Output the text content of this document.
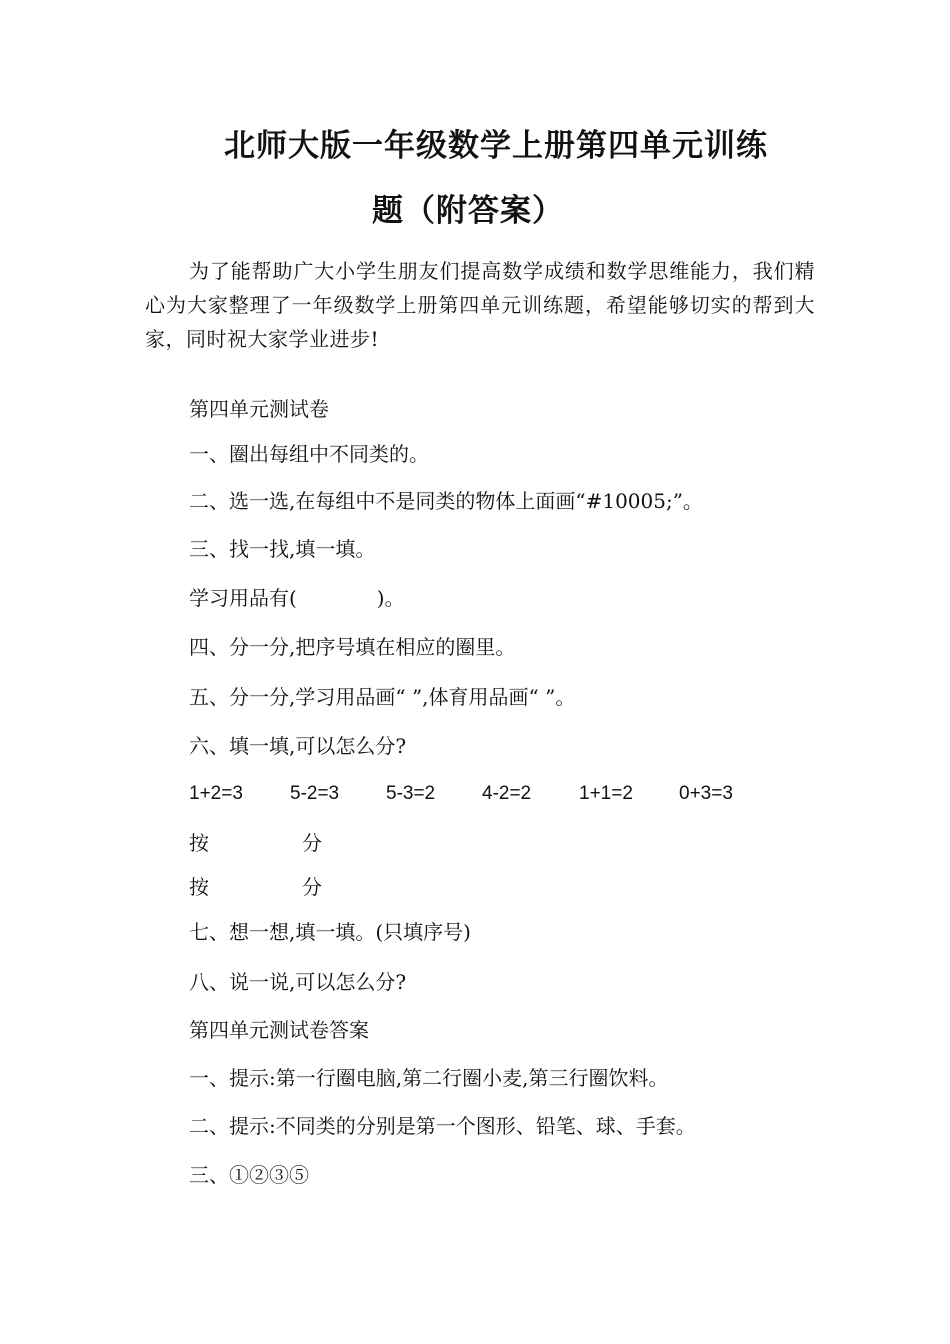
北师大版一年级数学上册第四单元训练
题（附答案）
为了能帮助广大小学生朋友们提高数学成绩和数学思维能力，我们精心为大家整理了一年级数学上册第四单元训练题，希望能够切实的帮到大家，同时祝大家学业进步!
第四单元测试卷
一、圈出每组中不同类的。
二、选一选,在每组中不是同类的物体上面画“#10005;”。
三、找一找,填一填。
学习用品有(　　　　)。
四、分一分,把序号填在相应的圈里。
五、分一分,学习用品画“ ”,体育用品画“ ”。
六、填一填,可以怎么分?
1+2=3 5-2=3 5-3=2 4-2=2	1+1=2 0+3=3
按	分
按	分
七、想一想,填一填。(只填序号)
八、说一说,可以怎么分?
第四单元测试卷答案
一、提示:第一行圈电脑,第二行圈小麦,第三行圈饮料。
二、提示:不同类的分别是第一个图形、铅笔、球、手套。
三、①②③⑤
